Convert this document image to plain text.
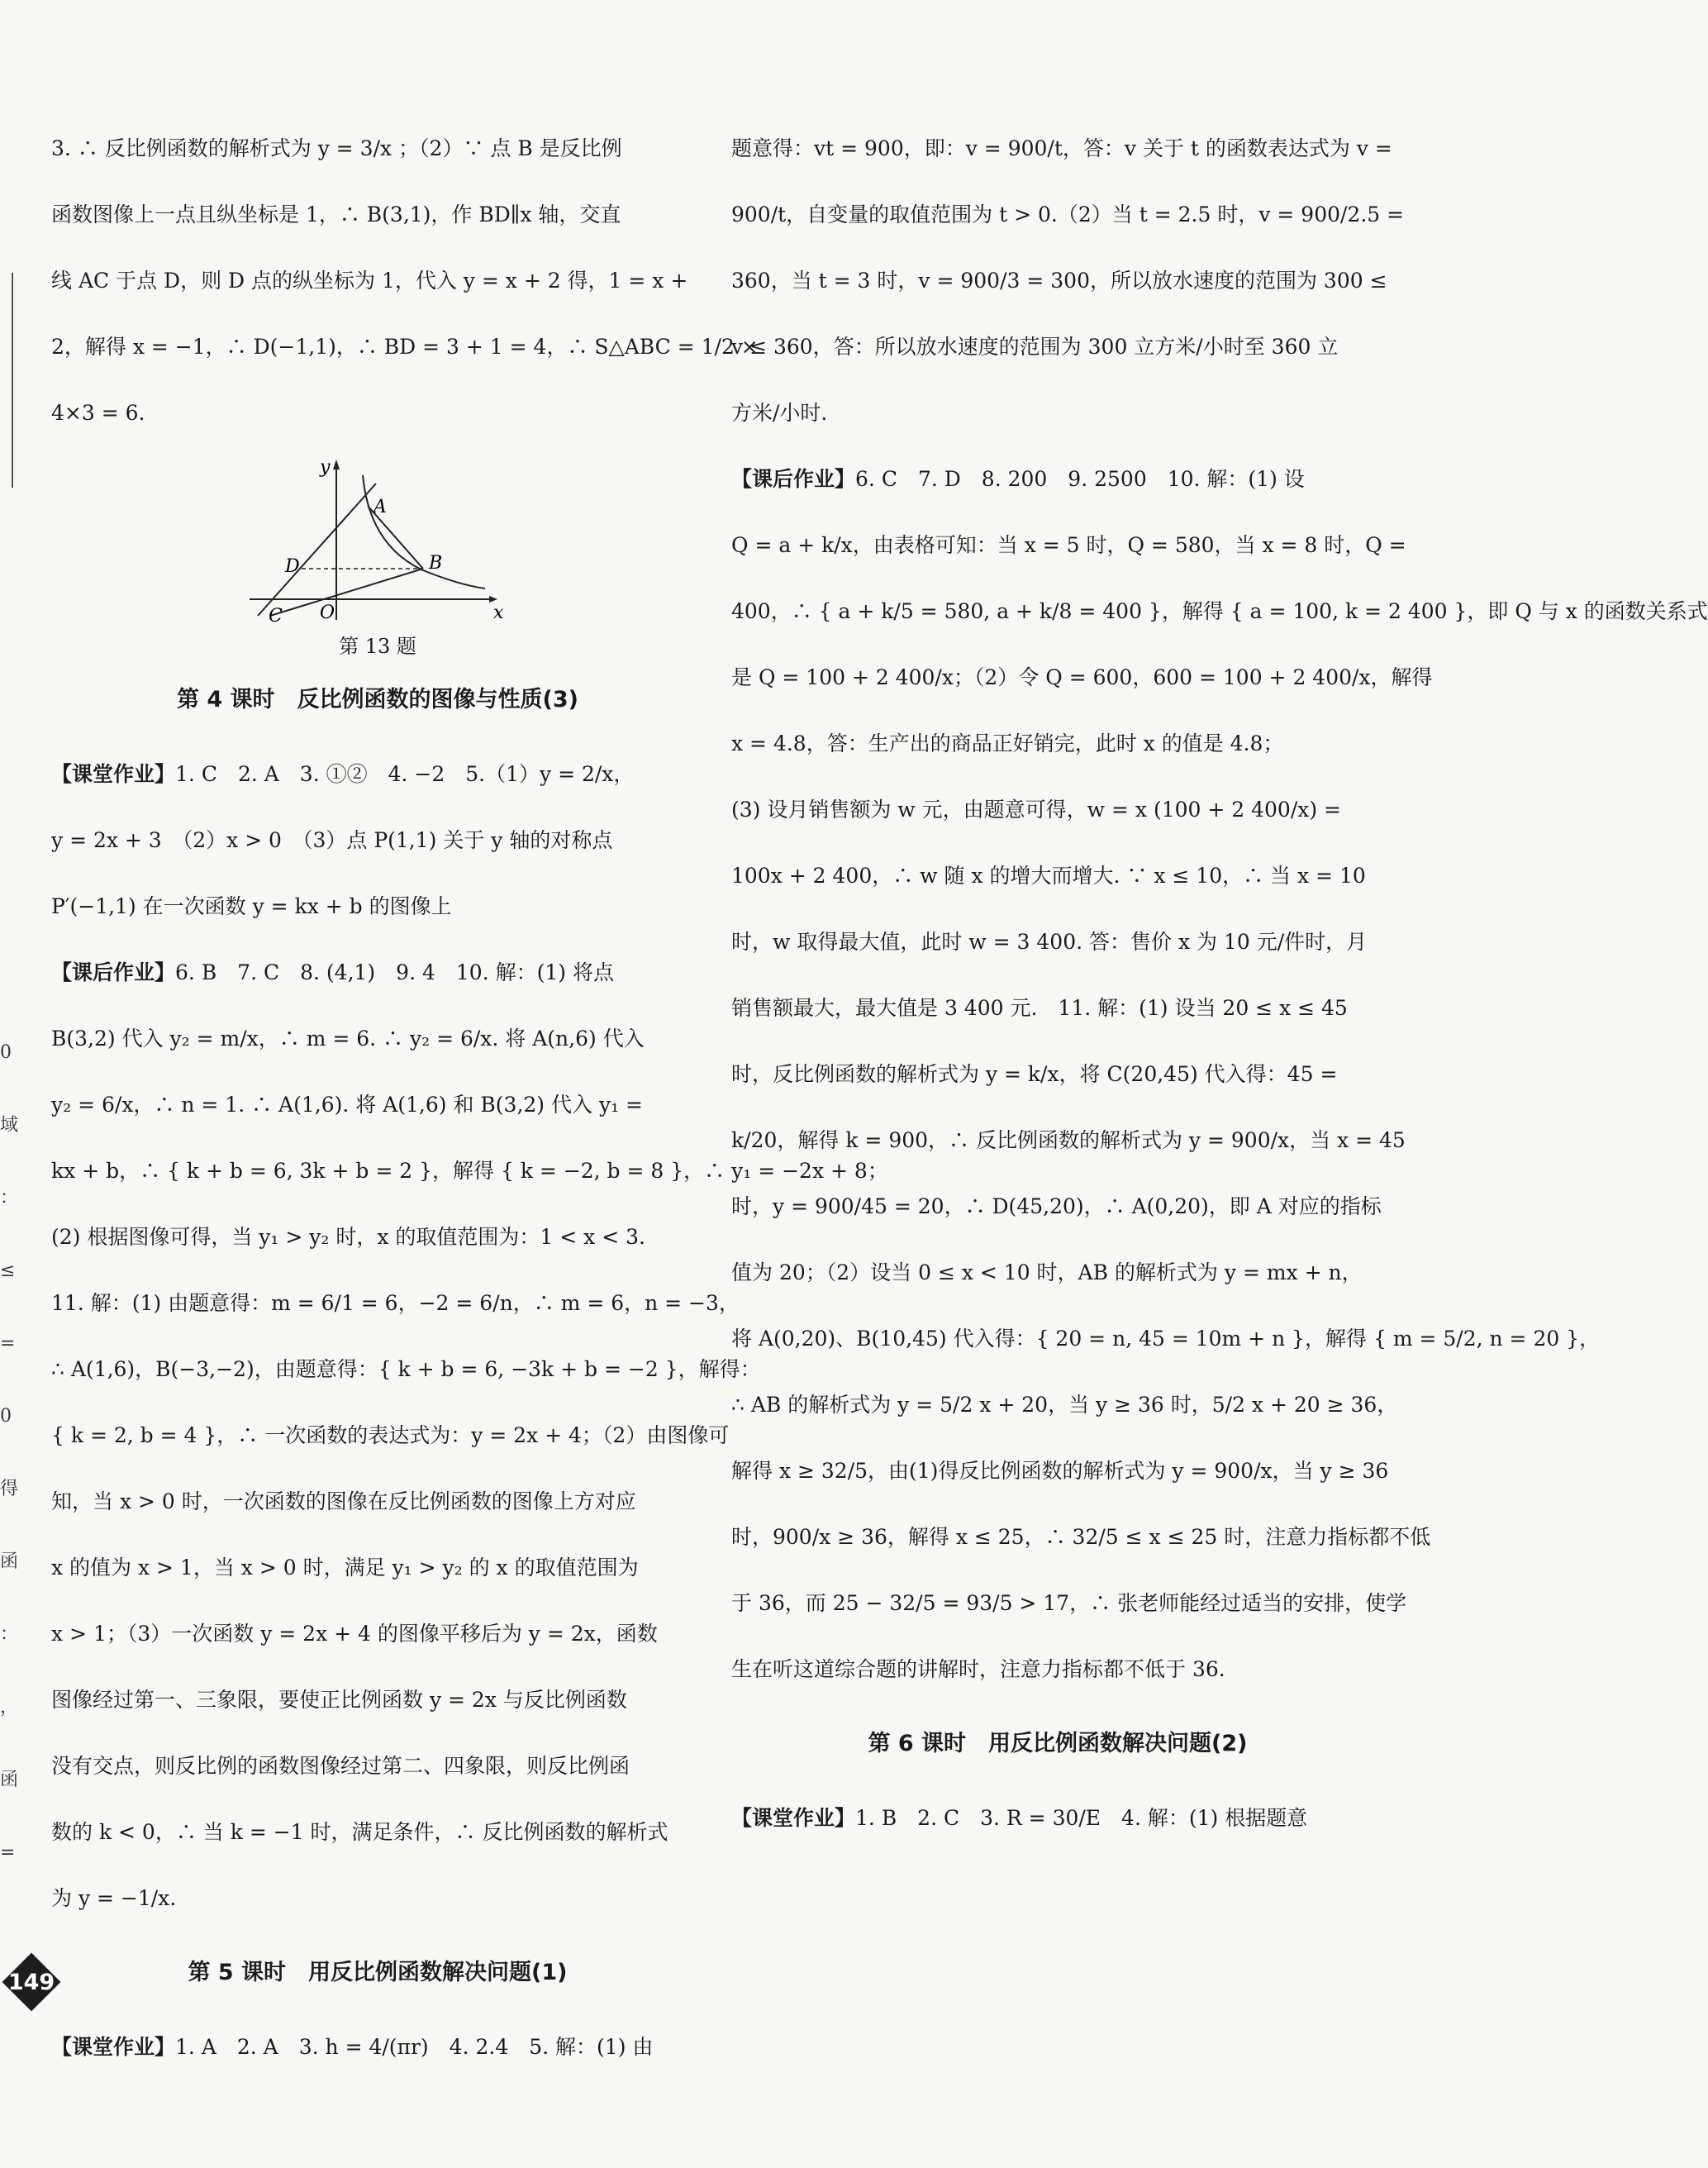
0
域
：
≤
=
0
得
函
：
，
函
=

3. ∴ 反比例函数的解析式为 y = 3/x ；（2）∵ 点 B 是反比例

函数图像上一点且纵坐标是 1，∴ B(3,1)，作 BD∥x 轴，交直

线 AC 于点 D，则 D 点的纵坐标为 1，代入 y = x + 2 得，1 = x +

2，解得 x = −1，∴ D(−1,1)，∴ BD = 3 + 1 = 4，∴ S△ABC = 1/2 ×

4×3 = 6.

y
x
A
B
C
D
O
第 13 题

第 4 课时　反比例函数的图像与性质(3)

【课堂作业】1. C　2. A　3. ①②　4. −2　5.（1）y = 2/x，

y = 2x + 3　（2）x > 0　（3）点 P(1,1) 关于 y 轴的对称点

P′(−1,1) 在一次函数 y = kx + b 的图像上

【课后作业】6. B　7. C　8. (4,1)　9. 4　10. 解：(1) 将点

B(3,2) 代入 y₂ = m/x，∴ m = 6. ∴ y₂ = 6/x. 将 A(n,6) 代入

y₂ = 6/x，∴ n = 1. ∴ A(1,6). 将 A(1,6) 和 B(3,2) 代入 y₁ =

kx + b，∴ { k + b = 6, 3k + b = 2 }，解得 { k = −2, b = 8 }，∴ y₁ = −2x + 8；

(2) 根据图像可得，当 y₁ > y₂ 时，x 的取值范围为：1 < x < 3.

11. 解：(1) 由题意得：m = 6/1 = 6，−2 = 6/n，∴ m = 6，n = −3，

∴ A(1,6)，B(−3,−2)，由题意得：{ k + b = 6, −3k + b = −2 }，解得：

{ k = 2, b = 4 }，∴ 一次函数的表达式为：y = 2x + 4；（2）由图像可

知，当 x > 0 时，一次函数的图像在反比例函数的图像上方对应

x 的值为 x > 1，当 x > 0 时，满足 y₁ > y₂ 的 x 的取值范围为

x > 1；（3）一次函数 y = 2x + 4 的图像平移后为 y = 2x，函数

图像经过第一、三象限，要使正比例函数 y = 2x 与反比例函数

没有交点，则反比例的函数图像经过第二、四象限，则反比例函

数的 k < 0，∴ 当 k = −1 时，满足条件，∴ 反比例函数的解析式

为 y = −1/x.

第 5 课时　用反比例函数解决问题(1)

【课堂作业】1. A　2. A　3. h = 4/(πr)　4. 2.4　5. 解：(1) 由

题意得：vt = 900，即：v = 900/t，答：v 关于 t 的函数表达式为 v =

900/t，自变量的取值范围为 t > 0.（2）当 t = 2.5 时，v = 900/2.5 =

360，当 t = 3 时，v = 900/3 = 300，所以放水速度的范围为 300 ≤

v ≤ 360，答：所以放水速度的范围为 300 立方米/小时至 360 立

方米/小时.

【课后作业】6. C　7. D　8. 200　9. 2500　10. 解：(1) 设

Q = a + k/x，由表格可知：当 x = 5 时，Q = 580，当 x = 8 时，Q =

400，∴ { a + k/5 = 580, a + k/8 = 400 }，解得 { a = 100, k = 2 400 }，即 Q 与 x 的函数关系式

是 Q = 100 + 2 400/x；（2）令 Q = 600，600 = 100 + 2 400/x，解得

x = 4.8，答：生产出的商品正好销完，此时 x 的值是 4.8；

(3) 设月销售额为 w 元，由题意可得，w = x (100 + 2 400/x) =

100x + 2 400，∴ w 随 x 的增大而增大. ∵ x ≤ 10，∴ 当 x = 10

时，w 取得最大值，此时 w = 3 400. 答：售价 x 为 10 元/件时，月

销售额最大，最大值是 3 400 元.　11. 解：(1) 设当 20 ≤ x ≤ 45

时，反比例函数的解析式为 y = k/x，将 C(20,45) 代入得：45 =

k/20，解得 k = 900，∴ 反比例函数的解析式为 y = 900/x，当 x = 45

时，y = 900/45 = 20，∴ D(45,20)，∴ A(0,20)，即 A 对应的指标

值为 20；（2）设当 0 ≤ x < 10 时，AB 的解析式为 y = mx + n，

将 A(0,20)、B(10,45) 代入得：{ 20 = n, 45 = 10m + n }，解得 { m = 5/2, n = 20 }，

∴ AB 的解析式为 y = 5/2 x + 20，当 y ≥ 36 时，5/2 x + 20 ≥ 36，

解得 x ≥ 32/5，由(1)得反比例函数的解析式为 y = 900/x，当 y ≥ 36

时，900/x ≥ 36，解得 x ≤ 25，∴ 32/5 ≤ x ≤ 25 时，注意力指标都不低

于 36，而 25 − 32/5 = 93/5 > 17，∴ 张老师能经过适当的安排，使学

生在听这道综合题的讲解时，注意力指标都不低于 36.

第 6 课时　用反比例函数解决问题(2)

【课堂作业】1. B　2. C　3. R = 30/E　4. 解：(1) 根据题意

149
